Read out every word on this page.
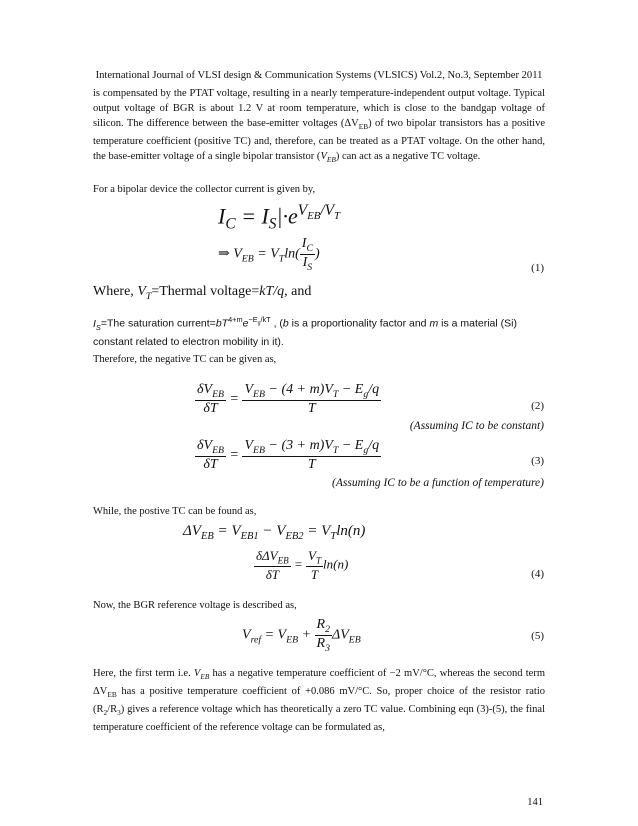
International Journal of VLSI design & Communication Systems (VLSICS) Vol.2, No.3, September 2011
is compensated by the PTAT voltage, resulting in a nearly temperature-independent output voltage. Typical output voltage of BGR is about 1.2 V at room temperature, which is close to the bandgap voltage of silicon. The difference between the base-emitter voltages $(\Delta V_{EB})$ of two bipolar transistors has a positive temperature coefficient (positive TC) and, therefore, can be treated as a PTAT voltage. On the other hand, the base-emitter voltage of a single bipolar transistor $(V_{EB})$ can act as a negative TC voltage.
For a bipolar device the collector current is given by,
$I_C = I_S|\cdot e^{V_{EB}/V_T}$
⇒ $V_{EB} = V_T\ln( \frac{I_C}{I_S}$ )
(1)
Where, $V_T=Thermal$ voltage=kT/q, and
$I_S=The$ saturation $current=bT^{4+m}e^{-E_g/kT}$ , (b is a proportionality factor and m is a material (Si) constant related to electron mobility in it).
Therefore, the negative TC can be given as,
$\frac{\delta V_{EB}}{\delta T} = \frac{V_{EB} - (4 + m)V_T - E_g/q}{T}$	(2)
(Assuming IC to be constant)
$\frac{\delta V_{EB}}{\delta T} = \frac{V_{EB} - (3 + m)V_T - E_g/q}{T}$	(3)
(Assuming IC to be a function of temperature)
While, the postive TC can be found as,
$\Delta V_{EB} = V_{EB1} - V_{EB2} = V_T\ln(n)$
$\frac{\delta\Delta V_{EB}}{\delta T} = \frac{V_T}{T} \ln(n)$
(4)
Now, the BGR reference voltage is described as,
$V_{ref} = V_{EB} + \frac{R_2}{R_3} \Delta V_{EB}$	(5)
Here, the first term i.e. $V_{EB}$ has a negative temperature coefficient of −2 mV/°C, whereas the second term $\Delta V_{EB}$ has a positive temperature coefficient of +0.086 mV/°C. So, proper choice of the resistor ratio $(R_2/R_3)$ gives a reference voltage which has theoretically a zero TC value. Combining eqn (3)-(5), the final temperature coefficient of the reference voltage can be formulated as,
141
